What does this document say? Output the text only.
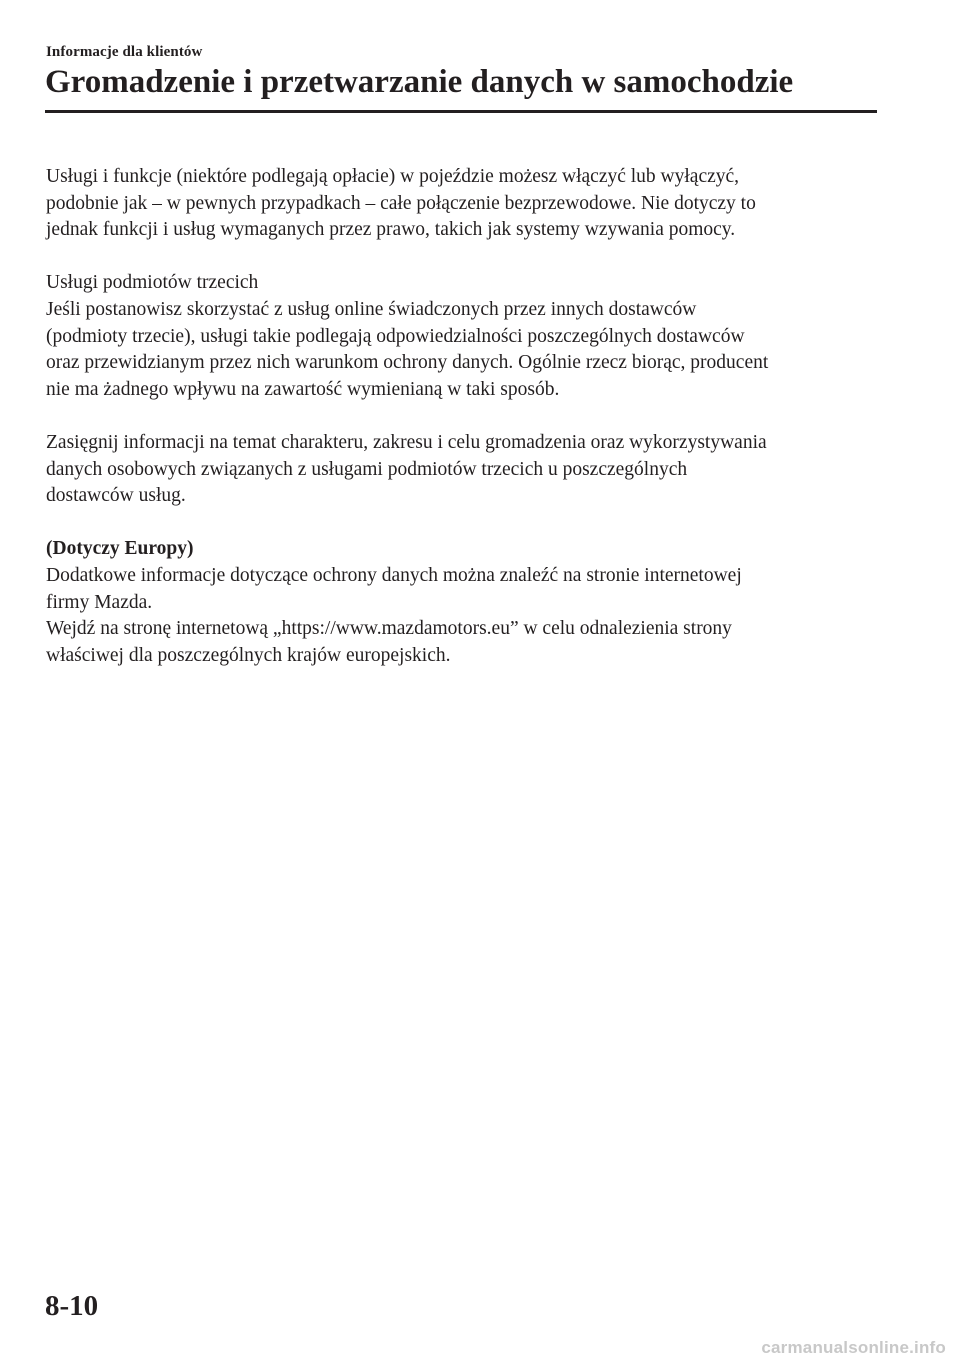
Informacje dla klientów
Gromadzenie i przetwarzanie danych w samochodzie

Usługi i funkcje (niektóre podlegają opłacie) w pojeździe możesz włączyć lub wyłączyć,
podobnie jak – w pewnych przypadkach – całe połączenie bezprzewodowe. Nie dotyczy to
jednak funkcji i usług wymaganych przez prawo, takich jak systemy wzywania pomocy.

Usługi podmiotów trzecich
Jeśli postanowisz skorzystać z usług online świadczonych przez innych dostawców
(podmioty trzecie), usługi takie podlegają odpowiedzialności poszczególnych dostawców
oraz przewidzianym przez nich warunkom ochrony danych. Ogólnie rzecz biorąc, producent
nie ma żadnego wpływu na zawartość wymienianą w taki sposób.

Zasięgnij informacji na temat charakteru, zakresu i celu gromadzenia oraz wykorzystywania
danych osobowych związanych z usługami podmiotów trzecich u poszczególnych
dostawców usług.

(Dotyczy Europy)
Dodatkowe informacje dotyczące ochrony danych można znaleźć na stronie internetowej
firmy Mazda.
Wejdź na stronę internetową „https://www.mazdamotors.eu” w celu odnalezienia strony
właściwej dla poszczególnych krajów europejskich.

8-10
carmanualsonline.info
